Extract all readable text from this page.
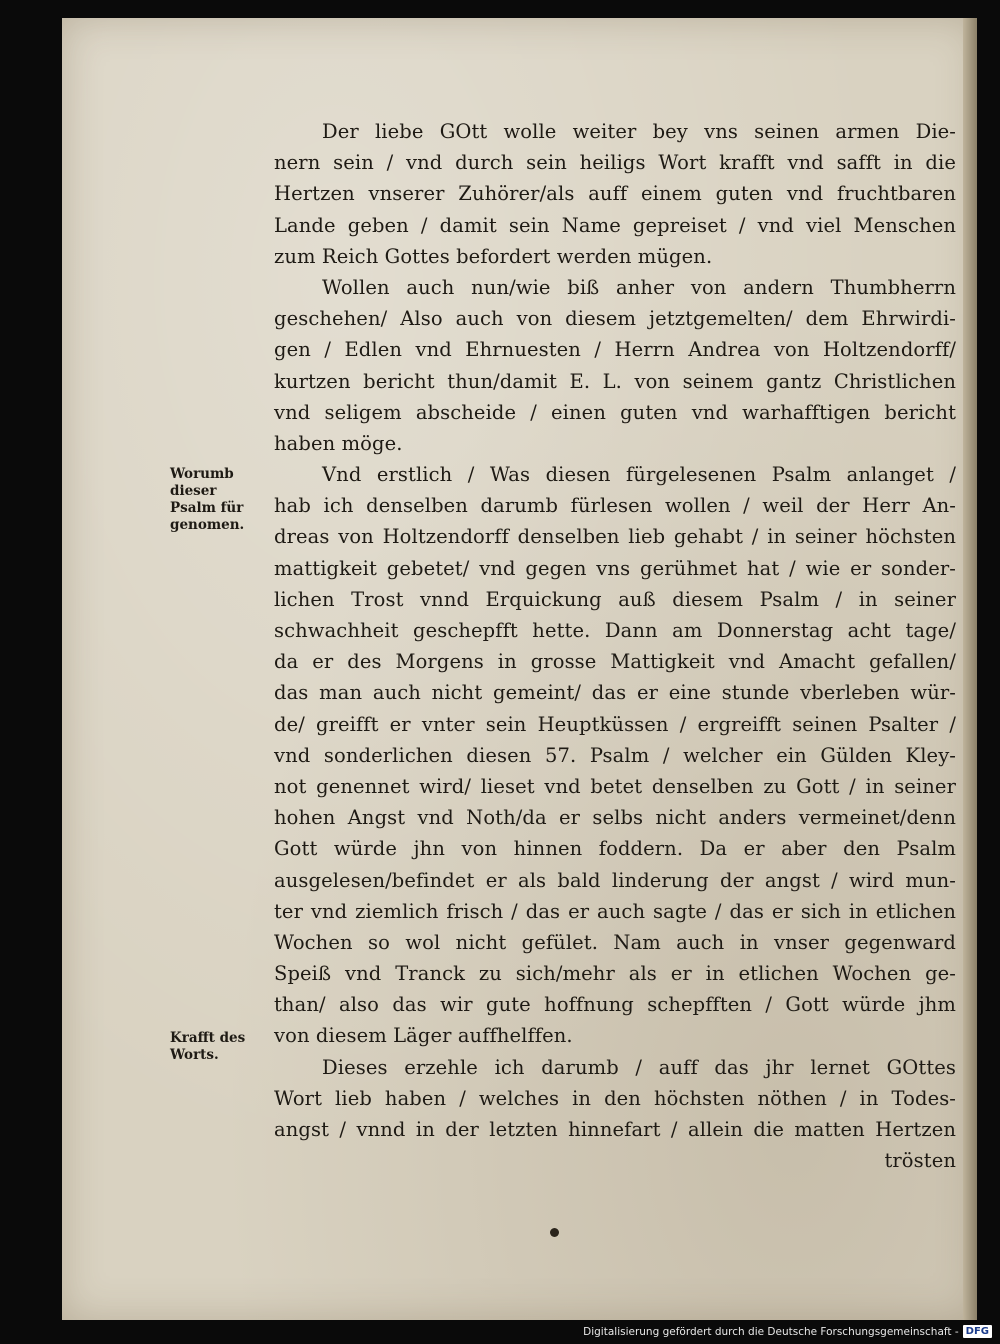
Der liebe GOtt wolle weiter bey vns seinen armen Die-
nern sein / vnd durch sein heiligs Wort krafft vnd safft in die
Hertzen vnserer Zuhörer/als auff einem guten vnd fruchtbaren
Lande geben / damit sein Name gepreiset / vnd viel Menschen
zum Reich Gottes befordert werden mügen.
Wollen auch nun/wie biß anher von andern Thumbherrn
geschehen/ Also auch von diesem jetztgemelten/ dem Ehrwirdi-
gen / Edlen vnd Ehrnuesten / Herrn Andrea von Holtzendorff/
kurtzen bericht thun/damit E. L. von seinem gantz Christlichen
vnd seligem abscheide / einen guten vnd warhafftigen bericht
haben möge.
Vnd erstlich / Was diesen fürgelesenen Psalm anlanget /
hab ich denselben darumb fürlesen wollen / weil der Herr An-
dreas von Holtzendorff denselben lieb gehabt / in seiner höchsten
mattigkeit gebetet/ vnd gegen vns gerühmet hat / wie er sonder-
lichen Trost vnnd Erquickung auß diesem Psalm / in seiner
schwachheit geschepfft hette. Dann am Donnerstag acht tage/
da er des Morgens in grosse Mattigkeit vnd Amacht gefallen/
das man auch nicht gemeint/ das er eine stunde vberleben wür-
de/ greifft er vnter sein Heuptküssen / ergreifft seinen Psalter /
vnd sonderlichen diesen 57. Psalm / welcher ein Gülden Kley-
not genennet wird/ lieset vnd betet denselben zu Gott / in seiner
hohen Angst vnd Noth/da er selbs nicht anders vermeinet/denn
Gott würde jhn von hinnen foddern. Da er aber den Psalm
ausgelesen/befindet er als bald linderung der angst / wird mun-
ter vnd ziemlich frisch / das er auch sagte / das er sich in etlichen
Wochen so wol nicht gefület. Nam auch in vnser gegenward
Speiß vnd Tranck zu sich/mehr als er in etlichen Wochen ge-
than/ also das wir gute hoffnung schepfften / Gott würde jhm
von diesem Läger auffhelffen.
Dieses erzehle ich darumb / auff das jhr lernet GOttes
Wort lieb haben / welches in den höchsten nöthen / in Todes-
angst / vnnd in der letzten hinnefart / allein die matten Hertzen
trösten
Worumb
dieser
Psalm für
genomen.
Krafft des
Worts.
Digitalisierung gefördert durch die Deutsche Forschungsgemeinschaft - DFG
